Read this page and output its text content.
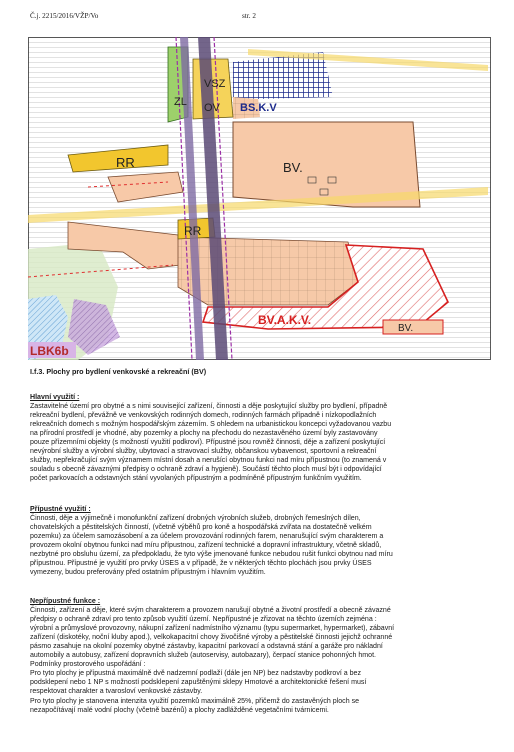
Č.j. 2215/2016/VŽP/Vo	str. 2
ZL
VSZ
OV BS.K.V
RR	BV.
RR
BV.A.K.V.
BV.
LBK6b

I.f.3. Plochy pro bydlení venkovské a rekreační (BV)

Hlavní využití :

Zastavitelné území pro obytné a s nimi související zařízení, činnosti a děje poskytující služby pro bydlení, případně

rekreační bydlení, převážně ve venkovských rodinných domech, rodinných farmách případně i nízkopodlažních

rekreačních domech s možným hospodářským zázemím. S ohledem na urbanistickou koncepci vyžadovanou vazbu

na přírodní prostředí je vhodné, aby pozemky a plochy na přechodu do nezastavěného území byly zastavovány

pouze přízemními objekty (s možností využití podkroví). Přípustné jsou rovněž činnosti, děje a zařízení poskytující

nevýrobní služby a výrobní služby, ubytovací a stravovací služby, občanskou vybavenost, sportovní a rekreační

služby, nepřekračující svým významem místní dosah a nerušící obytnou funkci nad míru přípustnou (to znamená v

souladu s obecně závaznými předpisy o ochraně zdraví a hygieně). Součástí těchto ploch musí být i odpovídající

počet parkovacích a odstavných stání vyvolaných přípustným a podmíněně přípustným funkčním využitím.

Přípustné využití :

Činnosti, děje a výjimečně i monofunkční zařízení drobných výrobních služeb, drobných řemeslných dílen,

chovatelských a pěstitelských činností, (včetně výběhů pro koně a hospodářská zvířata na dostatečně velkém

pozemku) za účelem samozásobení a za účelem provozování rodinných farem, nenarušující svým charakterem a

provozem okolní obytnou funkci nad míru přípustnou, zařízení technické a dopravní infrastruktury, včetně skladů,

nezbytné pro obsluhu území, za předpokladu, že tyto výše jmenované funkce nebudou rušit funkci obytnou nad míru

přípustnou. Přípustné je využití pro prvky ÚSES a v případě, že v některých těchto plochách jsou prvky ÚSES

vymezeny, budou preferovány před ostatním přípustným i hlavním využitím.

Nepřípustné funkce :

Činnosti, zařízení a děje, které svým charakterem a provozem narušují obytné a životní prostředí a obecně závazné

předpisy o ochraně zdraví pro tento způsob využití území. Nepřípustné je zřizovat na těchto územích zejména :

výrobní a průmyslové provozovny, nákupní zařízení nadmístního významu (typu supermarket, hypermarket), zábavní

zařízení (diskotéky, noční kluby apod.), velkokapacitní chovy živočišné výroby a pěstitelské činnosti jejichž ochranné

pásmo zasahuje na okolní pozemky obytné zástavby, kapacitní parkovací a odstavná stání a garáže pro nákladní

automobily a autobusy, zařízení dopravních služeb (autoservisy, autobazary), čerpací stanice pohonných hmot.

Podmínky prostorového uspořádání :

Pro tyto plochy je přípustná maximálně dvě nadzemní podlaží (dále jen NP) bez nadstavby podkroví a bez

podsklepení nebo 1 NP s možností podsklepení zapuštěnými sklepy Hmotové a architektonické řešení musí

respektovat charakter a tvarosloví venkovské zástavby.

Pro tyto plochy je stanovena intenzita využití pozemků maximálně 25%, přičemž do zastavěných ploch se

nezapočítávají malé vodní plochy (včetně bazénů) a plochy zadlážděné vegetačními tvárnicemi.
